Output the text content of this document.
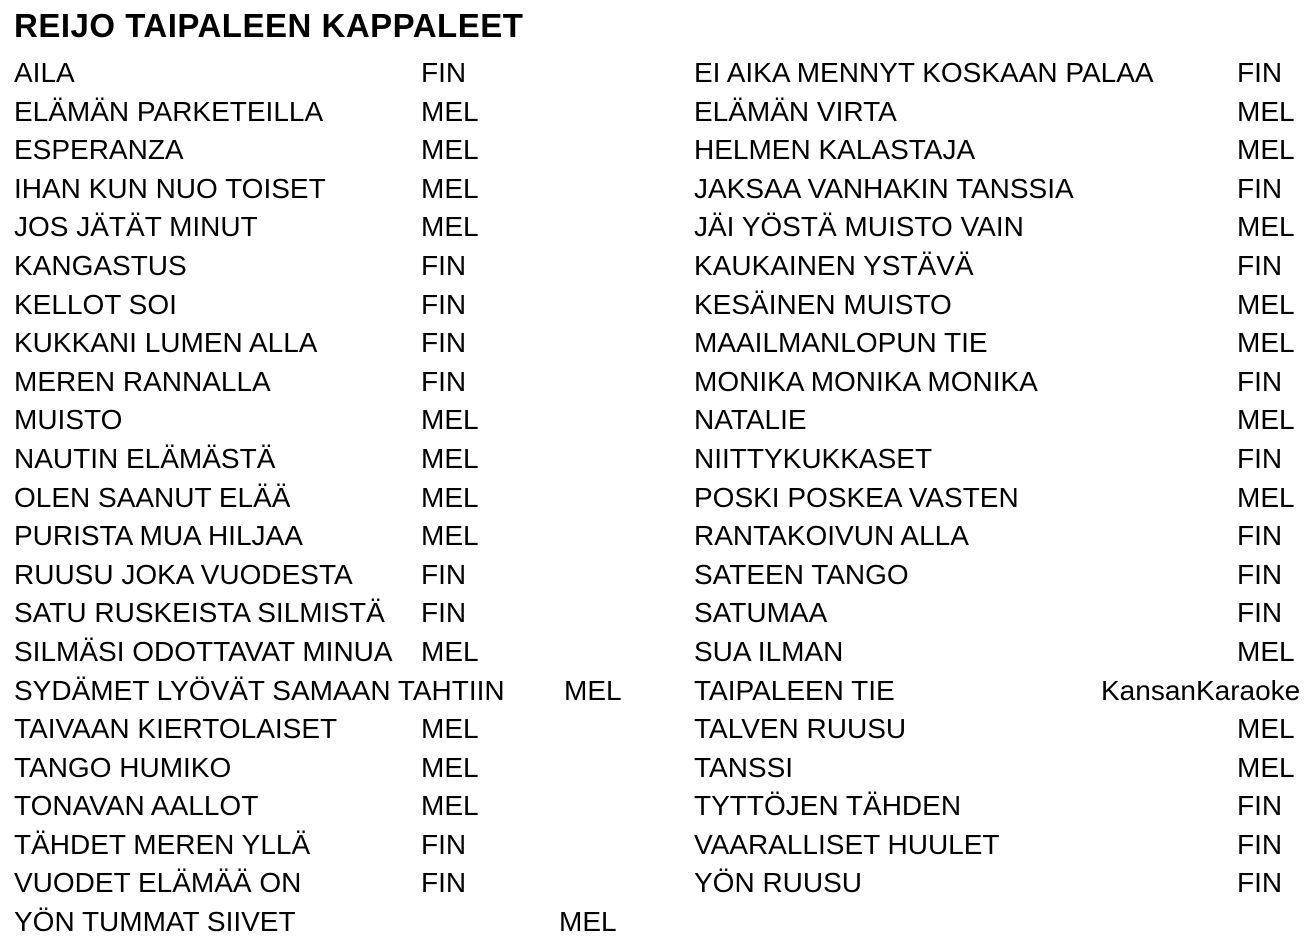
REIJO TAIPALEEN KAPPALEET
AILA	FIN
ELÄMÄN PARKETEILLA	MEL
ESPERANZA	MEL
IHAN KUN NUO TOISET	MEL
JOS JÄTÄT MINUT	MEL
KANGASTUS	FIN
KELLOT SOI	FIN
KUKKANI LUMEN ALLA	FIN
MEREN RANNALLA	FIN
MUISTO	MEL
NAUTIN ELÄMÄSTÄ	MEL
OLEN SAANUT ELÄÄ	MEL
PURISTA MUA HILJAA	MEL
RUUSU JOKA VUODESTA FIN
SATU RUSKEISTA SILMISTÄ FIN
SILMÄSI ODOTTAVAT MINUA MEL
SYDÄMET LYÖVÄT SAMAAN TAHTIIN MEL
TAIVAAN KIERTOLAISET	MEL
TANGO HUMIKO	MEL
TONAVAN AALLOT	MEL
TÄHDET MEREN YLLÄ	FIN
VUODET ELÄMÄÄ ON	FIN
YÖN TUMMAT SIIVET	MEL
EI AIKA MENNYT KOSKAAN PALAA	FIN
ELÄMÄN VIRTA	MEL
HELMEN KALASTAJA	MEL
JAKSAA VANHAKIN TANSSIA	FIN
JÄI YÖSTÄ MUISTO VAIN	MEL
KAUKAINEN YSTÄVÄ	FIN
KESÄINEN MUISTO	MEL
MAAILMANLOPUN TIE	MEL
MONIKA MONIKA MONIKA	FIN
NATALIE	MEL
NIITTYKUKKASET	FIN
POSKI POSKEA VASTEN	MEL
RANTAKOIVUN ALLA	FIN
SATEEN TANGO	FIN
SATUMAA	FIN
SUA ILMAN	MEL
TAIPALEEN TIE	KansanKaraoke
TALVEN RUUSU	MEL
TANSSI	MEL
TYTTÖJEN TÄHDEN	FIN
VAARALLISET HUULET	FIN
YÖN RUUSU	FIN
